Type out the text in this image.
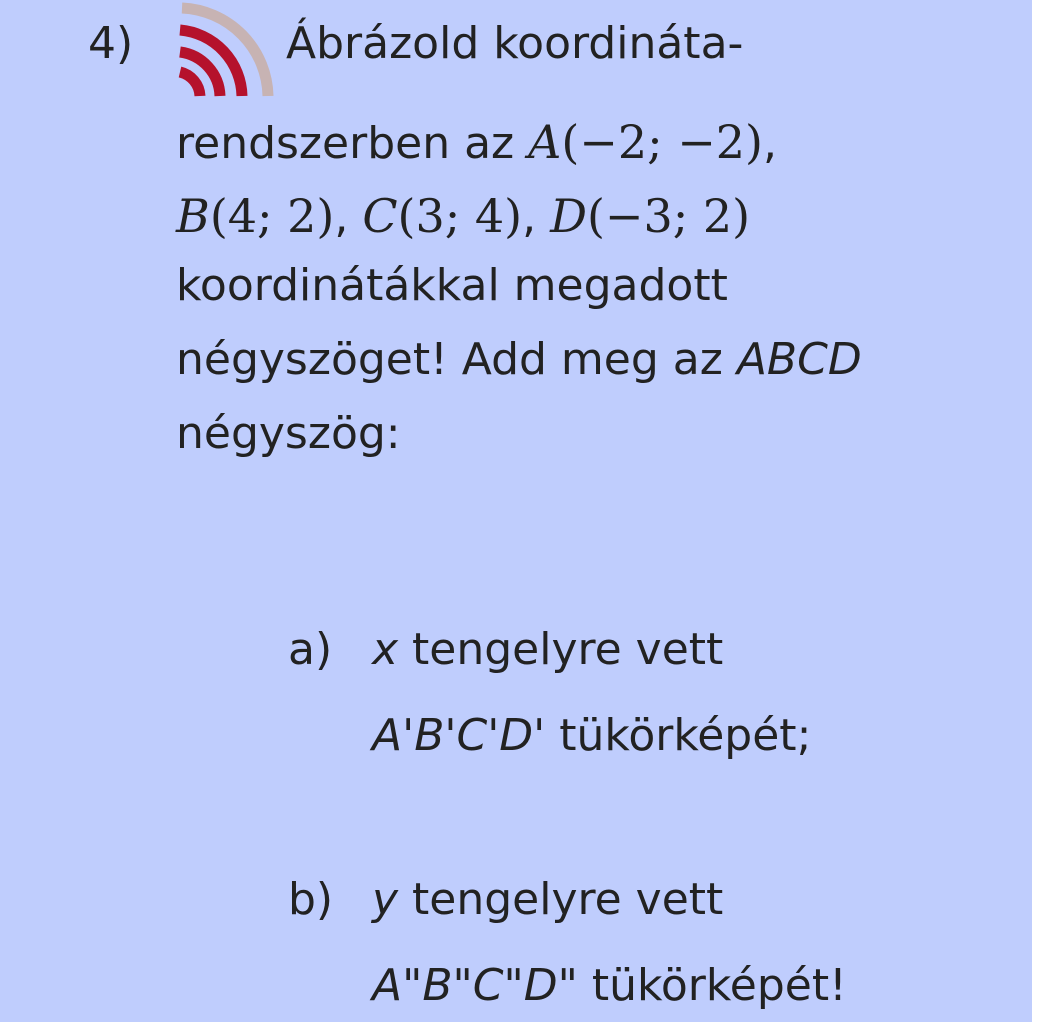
4)	Ábrázold koordináta-
rendszerben az A(−2; −2),
B(4; 2), C(3; 4), D(−3; 2)
koordinátákkal megadott
négyszöget! Add meg az ABCD
négyszög:
a) x tengelyre vett
A'B'C'D' tükörképét;
b) y tengelyre vett
A"B"C"D" tükörképét!
